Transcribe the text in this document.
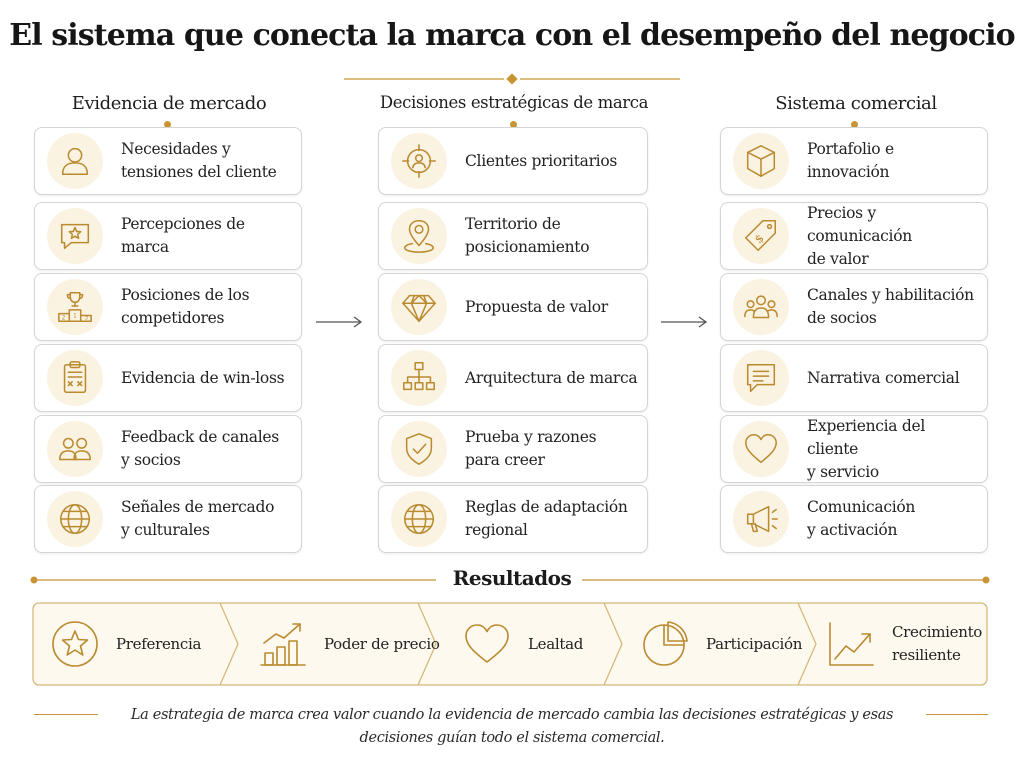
El sistema que conecta la marca con el desempeño del negocio
Evidencia de mercado	Decisiones estratégicas de marca	Sistema comercial
Necesidades y
tensiones del cliente
Percepciones de marca
2 1 3
Posiciones de los
competidores
Evidencia de win-loss
Feedback de canales
y socios
Señales de mercado
y culturales
Clientes prioritarios
Territorio de
posicionamiento
Propuesta de valor
Arquitectura de marca
Prueba y razones
para creer
Reglas de adaptación
regional
Portafolio e innovación
$
Precios y comunicación
de valor
Canales y habilitación
de socios
Narrativa comercial
Experiencia del cliente
y servicio
Comunicación
y activación
Resultados
Preferencia	Poder de precio	Lealtad	Participación
Crecimiento
resiliente
La estrategia de marca crea valor cuando la evidencia de mercado cambia las decisiones estratégicas y esas decisiones guían todo el sistema comercial.
